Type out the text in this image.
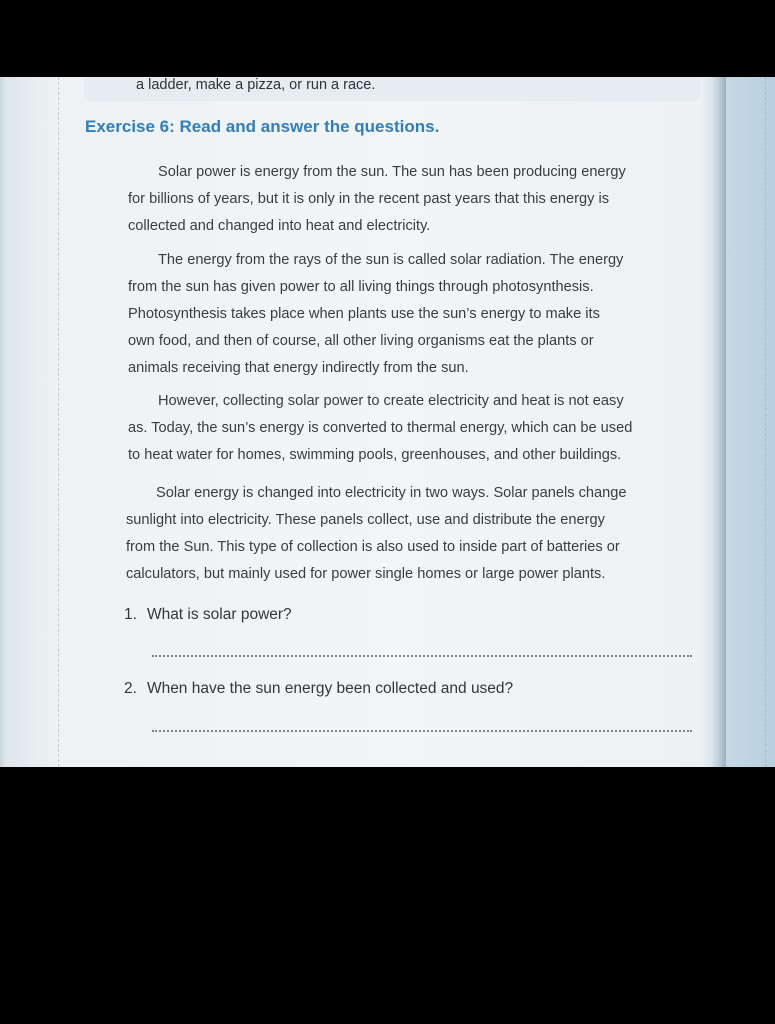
a ladder, make a pizza, or run a race.
Exercise 6: Read and answer the questions.
Solar power is energy from the sun. The sun has been producing energy
for billions of years, but it is only in the recent past years that this energy is
collected and changed into heat and electricity.
The energy from the rays of the sun is called solar radiation. The energy
from the sun has given power to all living things through photosynthesis.
Photosynthesis takes place when plants use the sun’s energy to make its
own food, and then of course, all other living organisms eat the plants or
animals receiving that energy indirectly from the sun.
However, collecting solar power to create electricity and heat is not easy
as. Today, the sun’s energy is converted to thermal energy, which can be used
to heat water for homes, swimming pools, greenhouses, and other buildings.
Solar energy is changed into electricity in two ways. Solar panels change
sunlight into electricity. These panels collect, use and distribute the energy
from the Sun. This type of collection is also used to inside part of batteries or
calculators, but mainly used for power single homes or large power plants.
1. What is solar power?
2. When have the sun energy been collected and used?
